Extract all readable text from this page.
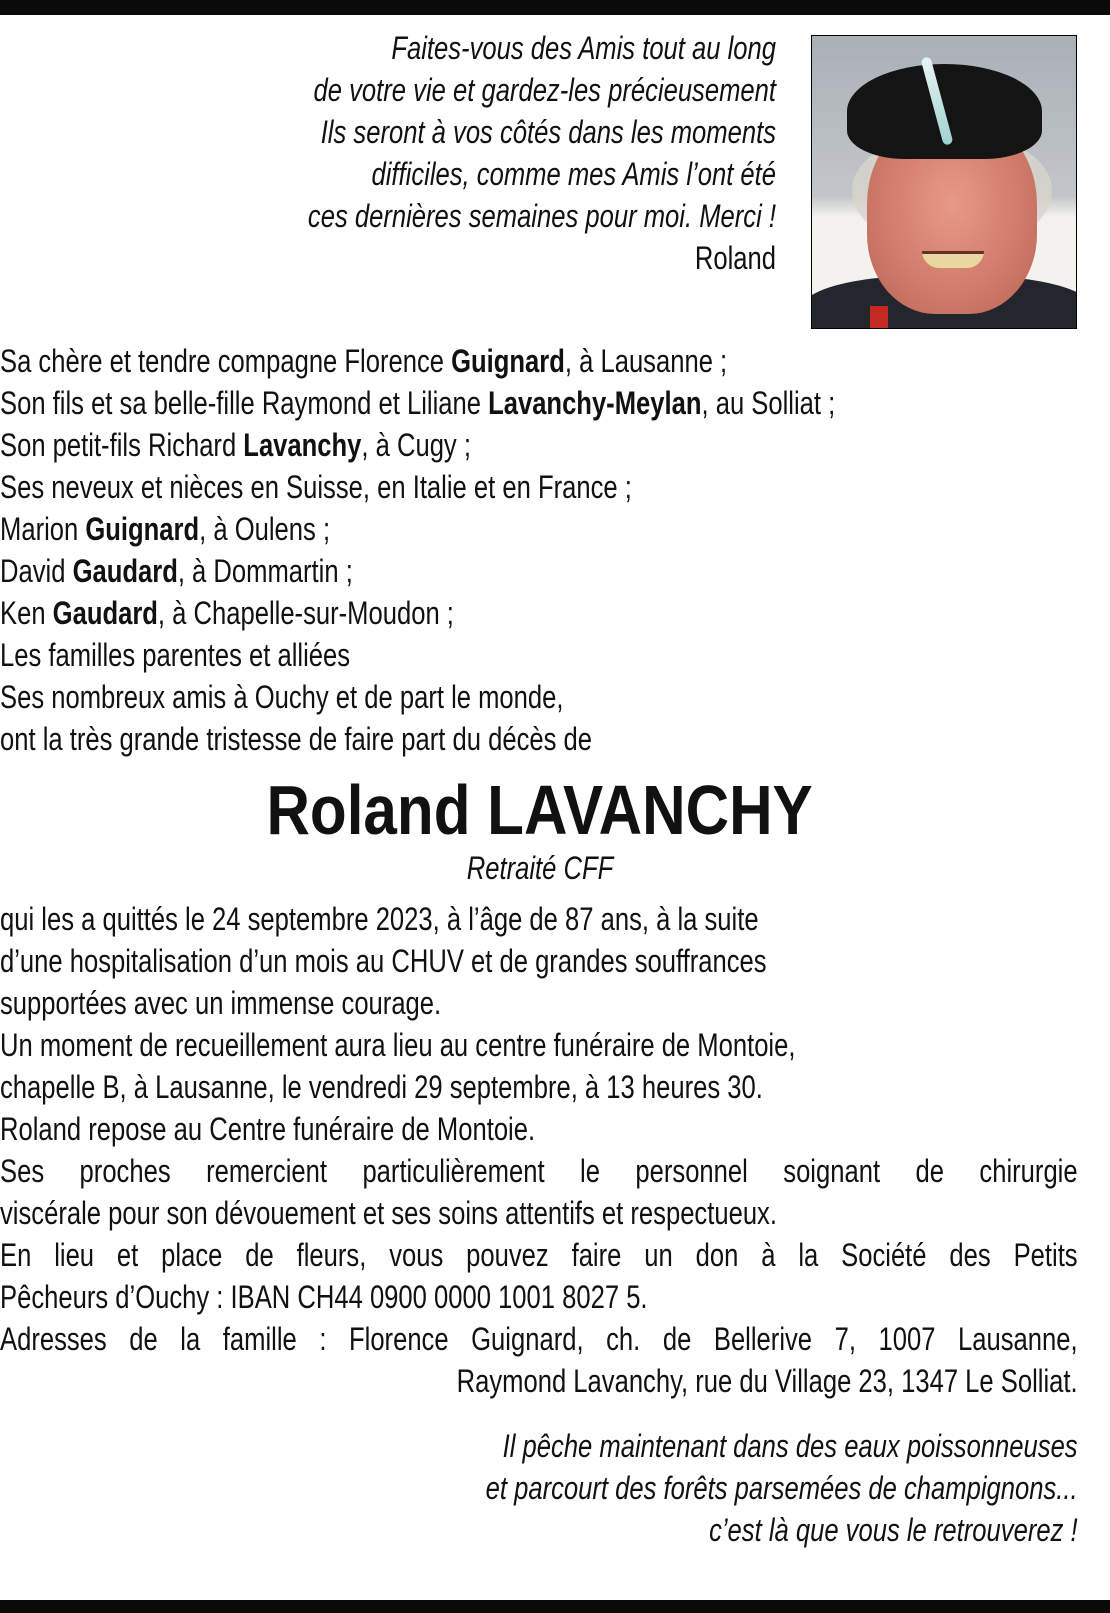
Faites-vous des Amis tout au long
de votre vie et gardez-les précieusement
Ils seront à vos côtés dans les moments
difficiles, comme mes Amis l’ont été
ces dernières semaines pour moi. Merci !
Roland
Sa chère et tendre compagne Florence Guignard, à Lausanne ;
Son fils et sa belle-fille Raymond et Liliane Lavanchy-Meylan, au Solliat ;
Son petit-fils Richard Lavanchy, à Cugy ;
Ses neveux et nièces en Suisse, en Italie et en France ;
Marion Guignard, à Oulens ;
David Gaudard, à Dommartin ;
Ken Gaudard, à Chapelle-sur-Moudon ;
Les familles parentes et alliées
Ses nombreux amis à Ouchy et de part le monde,
ont la très grande tristesse de faire part du décès de
Roland LAVANCHY
Retraité CFF
qui les a quittés le 24 septembre 2023, à l’âge de 87 ans, à la suite
d’une hospitalisation d’un mois au CHUV et de grandes souffrances
supportées avec un immense courage.
Un moment de recueillement aura lieu au centre funéraire de Montoie,
chapelle B, à Lausanne, le vendredi 29 septembre, à 13 heures 30.
Roland repose au Centre funéraire de Montoie.
Ses proches remercient particulièrement le personnel soignant de chirurgie
viscérale pour son dévouement et ses soins attentifs et respectueux.
En lieu et place de fleurs, vous pouvez faire un don à la Société des Petits
Pêcheurs d’Ouchy : IBAN CH44 0900 0000 1001 8027 5.
Adresses de la famille : Florence Guignard, ch. de Bellerive 7, 1007 Lausanne,
Raymond Lavanchy, rue du Village 23, 1347 Le Solliat.
Il pêche maintenant dans des eaux poissonneuses
et parcourt des forêts parsemées de champignons...
c’est là que vous le retrouverez !
